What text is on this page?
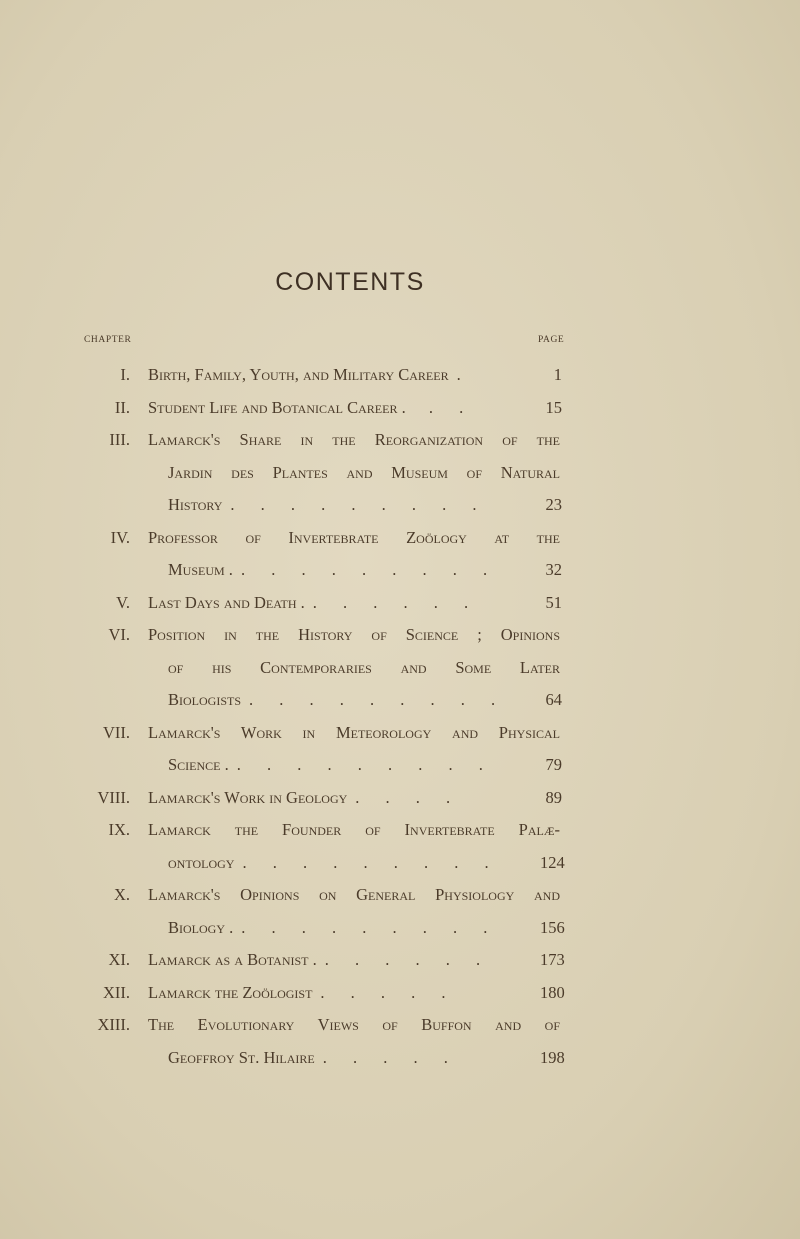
CONTENTS
CHAPTER	PAGE
I. Birth, Family, Youth, and Military Career .	1
II. Student Life and Botanical Career . . .	15
III. Lamarck's Share in the Reorganization of the
Jardin des Plantes and Museum of Natural
History . . . . . . . . .	23
IV. Professor of Invertebrate Zoölogy at the
Museum . . . . . . . . . .	32
V. Last Days and Death . . . . . . .	51
VI. Position in the History of Science ; Opinions
of his Contemporaries and Some Later
Biologists . . . . . . . . .	64
VII. Lamarck's Work in Meteorology and Physical
Science . . . . . . . . . .	79
VIII. Lamarck's Work in Geology . . . .	89
IX. Lamarck the Founder of Invertebrate Palæ-
ontology . . . . . . . . .	124
X. Lamarck's Opinions on General Physiology and
Biology . . . . . . . . . .	156
XI. Lamarck as a Botanist . . . . . . .	173
XII. Lamarck the Zoölogist . . . . .	180
XIII. The Evolutionary Views of Buffon and of
Geoffroy St. Hilaire . . . . .	198
